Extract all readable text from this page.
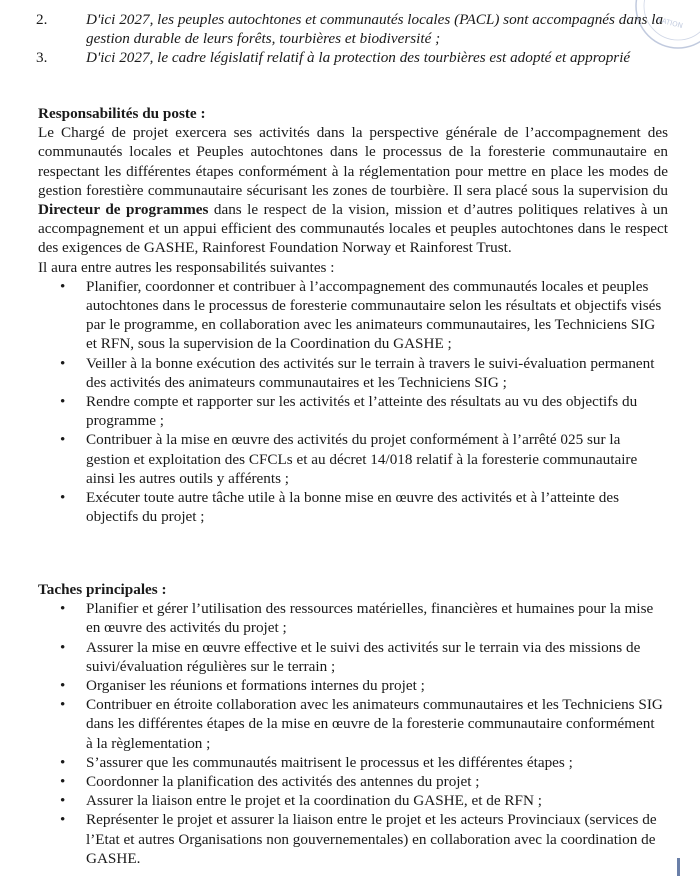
NATION
2.	D'ici 2027, les peuples autochtones et communautés locales (PACL) sont accompagnés dans la gestion durable de leurs forêts, tourbières et biodiversité ;
3.	D'ici 2027, le cadre législatif relatif à la protection des tourbières est adopté et approprié
Responsabilités du poste :

Le Chargé de projet exercera ses activités dans la perspective générale de l’accompagnement des communautés locales et Peuples autochtones dans le processus de la foresterie communautaire en respectant les différentes étapes conformément à la réglementation pour mettre en place les modes de gestion forestière communautaire sécurisant les zones de tourbière. Il sera placé sous la supervision du Directeur de programmes dans le respect de la vision, mission et d’autres politiques relatives à un accompagnement et un appui efficient des communautés locales et peuples autochtones dans le respect des exigences de GASHE, Rainforest Foundation Norway et Rainforest Trust.

Il aura entre autres les responsabilités suivantes :

•	Planifier, coordonner et contribuer à l’accompagnement des communautés locales et peuples autochtones dans le processus de foresterie communautaire selon les résultats et objectifs visés par le programme, en collaboration avec les animateurs communautaires, les Techniciens SIG et RFN, sous la supervision de la Coordination du GASHE ;
•	Veiller à la bonne exécution des activités sur le terrain à travers le suivi-évaluation permanent des activités des animateurs communautaires et les Techniciens SIG ;
•	Rendre compte et rapporter sur les activités et l’atteinte des résultats au vu des objectifs du programme ;
•	Contribuer à la mise en œuvre des activités du projet conformément à l’arrêté 025 sur la gestion et exploitation des CFCLs et au décret 14/018 relatif à la foresterie communautaire ainsi les autres outils y afférents ;
•	Exécuter toute autre tâche utile à la bonne mise en œuvre des activités et à l’atteinte des objectifs du projet ;
Taches principales :
•	Planifier et gérer l’utilisation des ressources matérielles, financières et humaines pour la mise en œuvre des activités du projet ;
•	Assurer la mise en œuvre effective et le suivi des activités sur le terrain via des missions de suivi/évaluation régulières sur le terrain ;
•	Organiser les réunions et formations internes du projet ;
•	Contribuer en étroite collaboration avec les animateurs communautaires et les Techniciens SIG dans les différentes étapes de la mise en œuvre de la foresterie communautaire conformément à la règlementation ;
•	S’assurer que les communautés maitrisent le processus et les différentes étapes ;
•	Coordonner la planification des activités des antennes du projet ;
•	Assurer la liaison entre le projet et la coordination du GASHE, et de RFN ;
•	Représenter le projet et assurer la liaison entre le projet et les acteurs Provinciaux (services de l’Etat et autres Organisations non gouvernementales) en collaboration avec la coordination de GASHE.
